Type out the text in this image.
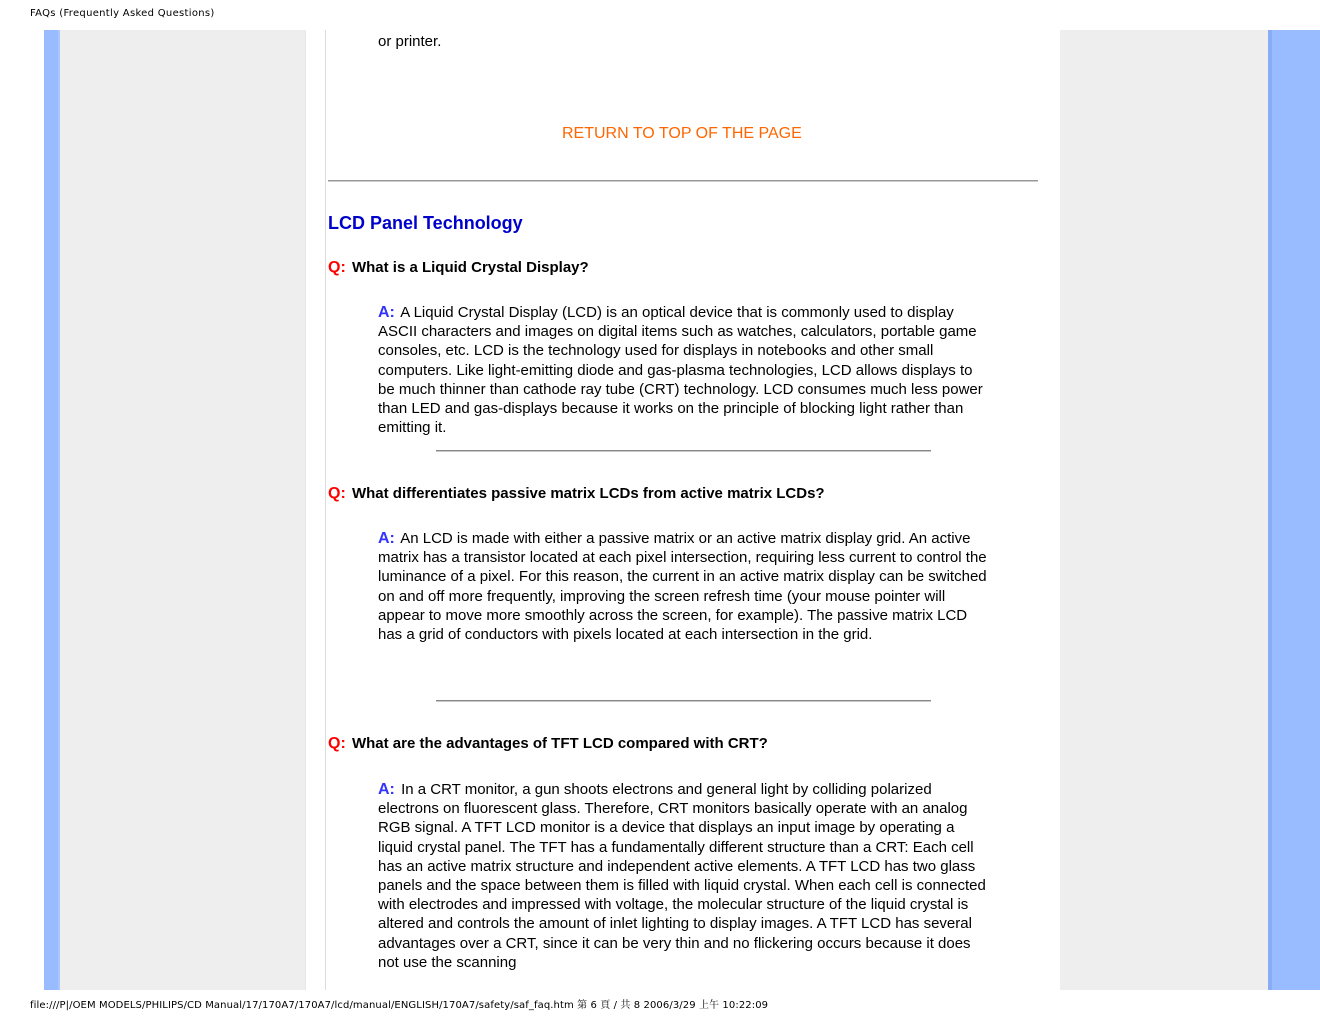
FAQs (Frequently Asked Questions)
or printer.
RETURN TO TOP OF THE PAGE
LCD Panel Technology
Q: What is a Liquid Crystal Display?
A: A Liquid Crystal Display (LCD) is an optical device that is commonly used to display ASCII characters and images on digital items such as watches, calculators, portable game consoles, etc. LCD is the technology used for displays in notebooks and other small computers. Like light-emitting diode and gas-plasma technologies, LCD allows displays to be much thinner than cathode ray tube (CRT) technology. LCD consumes much less power than LED and gas-displays because it works on the principle of blocking light rather than emitting it.
Q: What differentiates passive matrix LCDs from active matrix LCDs?
A: An LCD is made with either a passive matrix or an active matrix display grid. An active matrix has a transistor located at each pixel intersection, requiring less current to control the luminance of a pixel. For this reason, the current in an active matrix display can be switched on and off more frequently, improving the screen refresh time (your mouse pointer will appear to move more smoothly across the screen, for example). The passive matrix LCD has a grid of conductors with pixels located at each intersection in the grid.
Q: What are the advantages of TFT LCD compared with CRT?
A: In a CRT monitor, a gun shoots electrons and general light by colliding polarized electrons on fluorescent glass. Therefore, CRT monitors basically operate with an analog RGB signal. A TFT LCD monitor is a device that displays an input image by operating a liquid crystal panel. The TFT has a fundamentally different structure than a CRT: Each cell has an active matrix structure and independent active elements. A TFT LCD has two glass panels and the space between them is filled with liquid crystal. When each cell is connected with electrodes and impressed with voltage, the molecular structure of the liquid crystal is altered and controls the amount of inlet lighting to display images. A TFT LCD has several advantages over a CRT, since it can be very thin and no flickering occurs because it does not use the scanning
file:///P|/OEM MODELS/PHILIPS/CD Manual/17/170A7/170A7/lcd/manual/ENGLISH/170A7/safety/saf_faq.htm 第 6 頁 / 共 8 2006/3/29 上午 10:22:09
